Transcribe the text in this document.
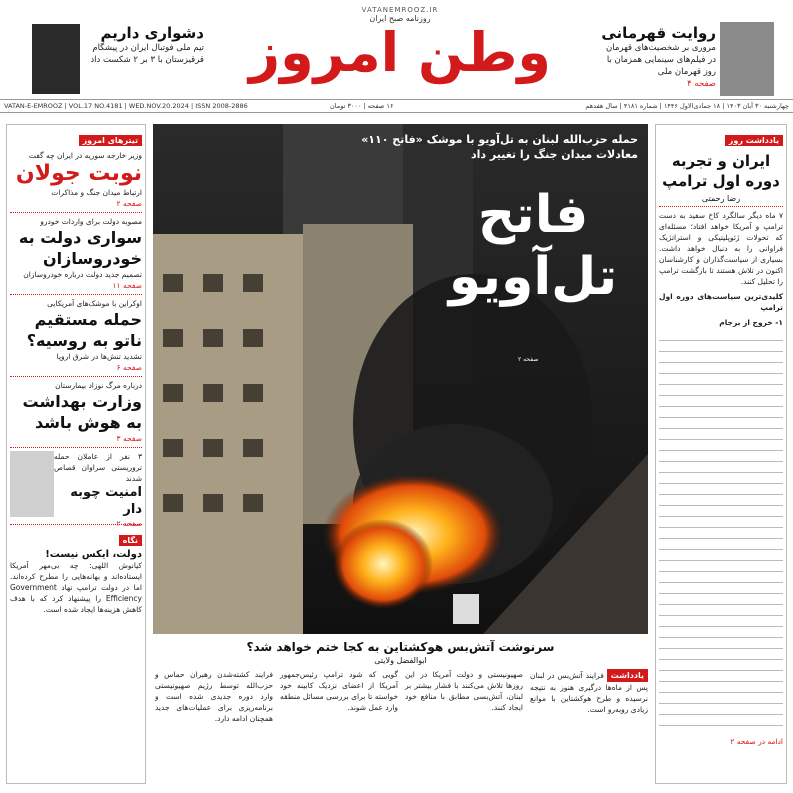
دشواری داریم
تیم ملی فوتبال ایران در پیشگام قرقیزستان با ۳ بر ۲ شکست داد
VATANEMROOZ.IR
روزنامه صبح ایران
وطن امروز	روایت قهرمانی
مروری بر شخصیت‌های قهرمان در فیلم‌های سینمایی همزمان با روز قهرمان ملی
صفحه ۴
VATAN-E-EMROOZ | VOL.17 NO.4181 | WED.NOV.20.2024 | ISSN 2008-2886	۱۶ صفحه | ۳۰۰۰ تومان	چهارشنبه ۳۰ آبان ۱۴۰۳ | ۱۸ جمادی‌الاول ۱۴۴۶ | شماره ۴۱۸۱ | سال هفدهم
یادداشت روز
ایران و تجربه دوره اول ترامپ
رضا رحمتی
۷ ماه دیگر سالگرد کاخ سفید به دست ترامپ و آمریکا خواهد افتاد؛ مسئله‌ای که تحولات ژئوپلیتیکی و استراتژیک فراوانی را به دنبال خواهد داشت. بسیاری از سیاست‌گذاران و کارشناسان اکنون در تلاش هستند تا بازگشت ترامپ را تحلیل کنند.
کلیدی‌ترین سیاست‌های دوره اول ترامپ
۱- خروج از برجام
ادامه در صفحه ۲
تیترهای امروز
وزیر خارجه سوریه در ایران چه گفت
نوبت جولان
ارتباط میدان جنگ و مذاکرات
صفحه ۲
مصوبه دولت برای واردات خودرو
سواری دولت به خودروسازان
تصمیم جدید دولت درباره خودروسازان
صفحه ۱۱
اوکراین با موشک‌های آمریکایی
حمله مستقیم ناتو به روسیه؟
تشدید تنش‌ها در شرق اروپا
صفحه ۶
درباره مرگ نوزاد بیمارستان
وزارت بهداشت به هوش باشد
صفحه ۳
۳ نفر از عاملان حمله تروریستی سراوان قصاص شدند
امنیت چوبه دار
صفحه ۲
نگاه
دولت، ایکس نیست!
کیانوش اللهی: چه بی‌مهر آمریکا ایستاده‌اند و بهانه‌هایی را مطرح کرده‌اند. اما در دولت ترامپ نهاد Government Efficiency را پیشنهاد کرد که با هدف کاهش هزینه‌ها ایجاد شده است.
حمله حزب‌الله لبنان به تل‌آویو با موشک «فاتح ۱۱۰»
معادلات میدان جنگ را تغییر داد
فاتح
تل‌آویو
صفحه ۲
سرنوشت آتش‌بس هوکشتاین به کجا ختم خواهد شد؟
ابوالفضل ولایتی
یادداشت فرایند آتش‌بس در لبنان پس از ماه‌ها درگیری هنوز به نتیجه نرسیده و طرح هوکشتاین با موانع زیادی روبه‌رو است.
صهیونیستی و دولت آمریکا در این روزها تلاش می‌کنند با فشار بیشتر بر لبنان، آتش‌بسی مطابق با منافع خود ایجاد کنند.
گویی که شود ترامپ رئیس‌جمهور آمریکا از اعضای نزدیک کابینه خود خواسته تا برای بررسی مسائل منطقه وارد عمل شوند.
فرایند کشته‌شدن رهبران حماس و حزب‌الله توسط رژیم صهیونیستی وارد دوره جدیدی شده است و برنامه‌ریزی برای عملیات‌های جدید همچنان ادامه دارد.
